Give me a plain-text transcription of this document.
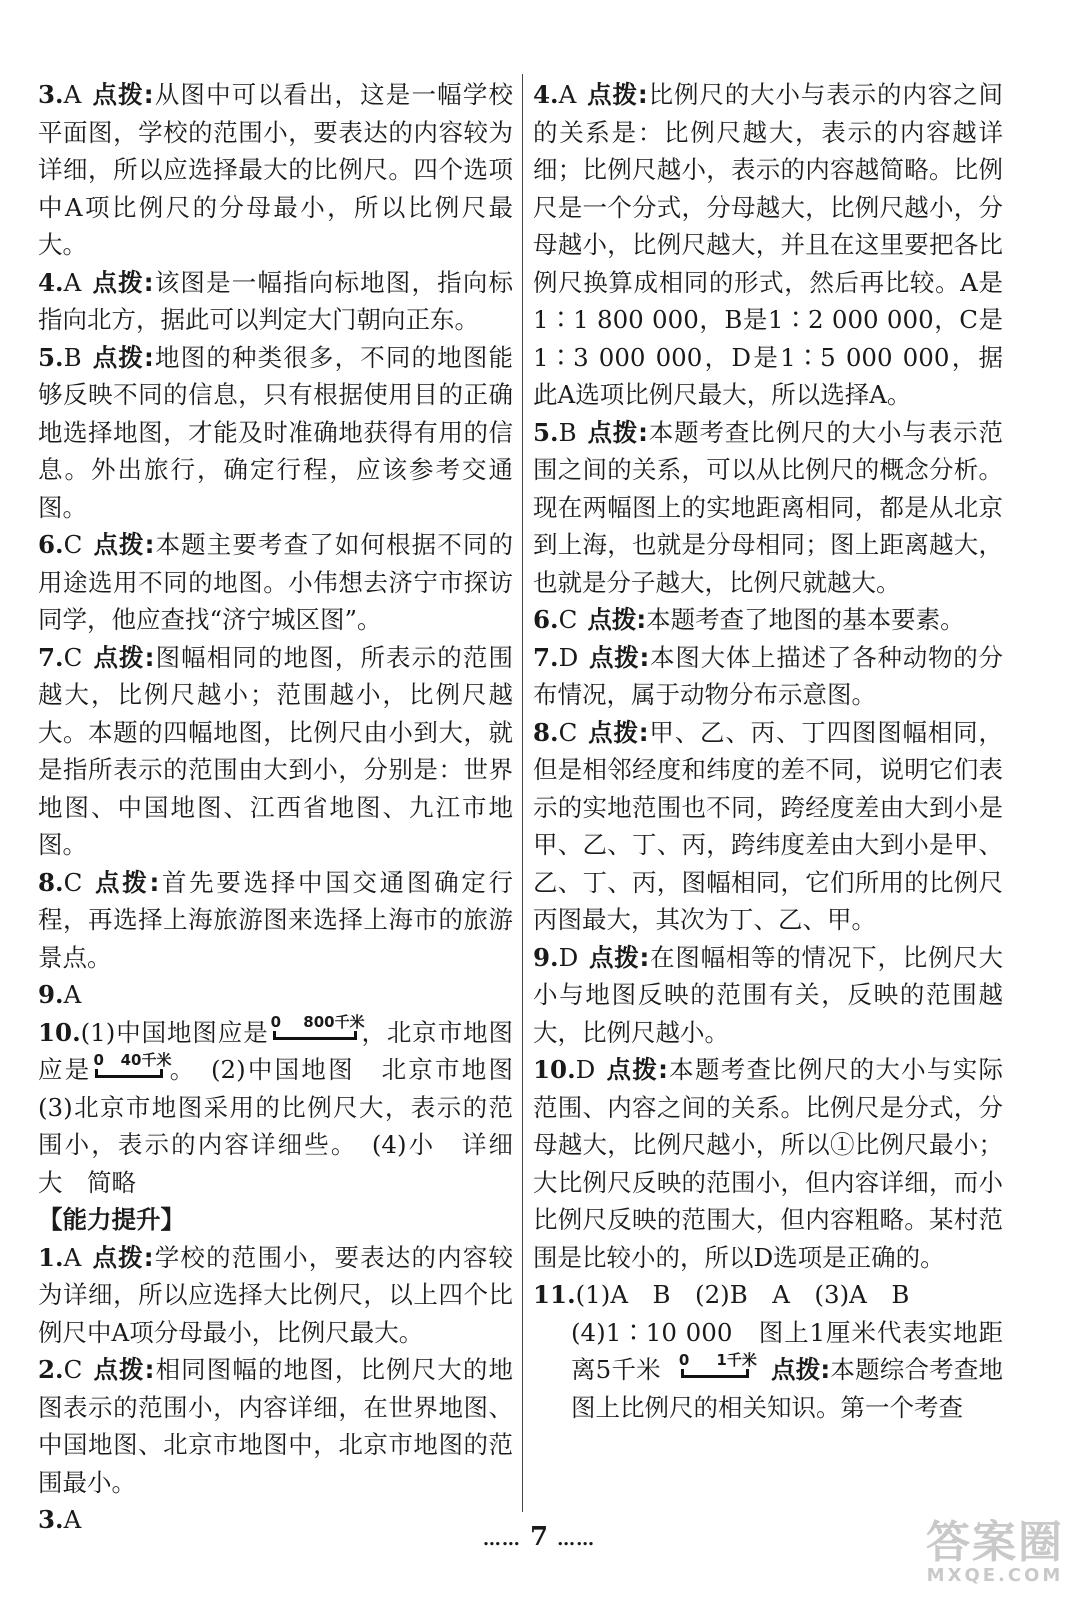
3.A 点拨:从图中可以看出，这是一幅学校平面图，学校的范围小，要表达的内容较为详细，所以应选择最大的比例尺。四个选项中A项比例尺的分母最小，所以比例尺最大。

4.A 点拨:该图是一幅指向标地图，指向标指向北方，据此可以判定大门朝向正东。

5.B 点拨:地图的种类很多，不同的地图能够反映不同的信息，只有根据使用目的正确地选择地图，才能及时准确地获得有用的信息。外出旅行，确定行程，应该参考交通图。

6.C 点拨:本题主要考查了如何根据不同的用途选用不同的地图。小伟想去济宁市探访同学，他应查找“济宁城区图”。

7.C 点拨:图幅相同的地图，所表示的范围越大，比例尺越小；范围越小，比例尺越大。本题的四幅地图，比例尺由小到大，就是指所表示的范围由大到小，分别是：世界地图、中国地图、江西省地图、九江市地图。

8.C 点拨:首先要选择中国交通图确定行程，再选择上海旅游图来选择上海市的旅游景点。

9.A

10.(1)中国地图应是 0 800千米
，北京市地图应是 0 40千米
。　(2)中国地图　北京市地图　(3)北京市地图采用的比例尺大，表示的范围小，表示的内容详细些。　(4)小　详细　大　简略

【能力提升】

1.A 点拨:学校的范围小，要表达的内容较为详细，所以应选择大比例尺，以上四个比例尺中A项分母最小，比例尺最大。

2.C 点拨:相同图幅的地图，比例尺大的地图表示的范围小，内容详细，在世界地图、中国地图、北京市地图中，北京市地图的范围最小。

3.A

4.A 点拨:比例尺的大小与表示的内容之间的关系是：比例尺越大，表示的内容越详细；比例尺越小，表示的内容越简略。比例尺是一个分式，分母越大，比例尺越小，分母越小，比例尺越大，并且在这里要把各比例尺换算成相同的形式，然后再比较。A是1∶1 800 000，B是1∶2 000 000，C是1∶3 000 000，D是1∶5 000 000，据此A选项比例尺最大，所以选择A。

5.B 点拨:本题考查比例尺的大小与表示范围之间的关系，可以从比例尺的概念分析。现在两幅图上的实地距离相同，都是从北京到上海，也就是分母相同；图上距离越大，也就是分子越大，比例尺就越大。

6.C 点拨:本题考查了地图的基本要素。

7.D 点拨:本图大体上描述了各种动物的分布情况，属于动物分布示意图。

8.C 点拨:甲、乙、丙、丁四图图幅相同，但是相邻经度和纬度的差不同，说明它们表示的实地范围也不同，跨经度差由大到小是甲、乙、丁、丙，跨纬度差由大到小是甲、乙、丁、丙，图幅相同，它们所用的比例尺丙图最大，其次为丁、乙、甲。

9.D 点拨:在图幅相等的情况下，比例尺大小与地图反映的范围有关，反映的范围越大，比例尺越小。

10.D 点拨:本题考查比例尺的大小与实际范围、内容之间的关系。比例尺是分式，分母越大，比例尺越小，所以①比例尺最小；大比例尺反映的范围小，但内容详细，而小比例尺反映的范围大，但内容粗略。某村范围是比较小的，所以D选项是正确的。

11.(1)A　B　(2)B　A　(3)A　B

(4)1∶10 000　图上1厘米代表实地距离5千米 0 1千米 点拨:本题综合考查地图上比例尺的相关知识。第一个考查

…… 7 ……	答案圈
MXQE.COM
